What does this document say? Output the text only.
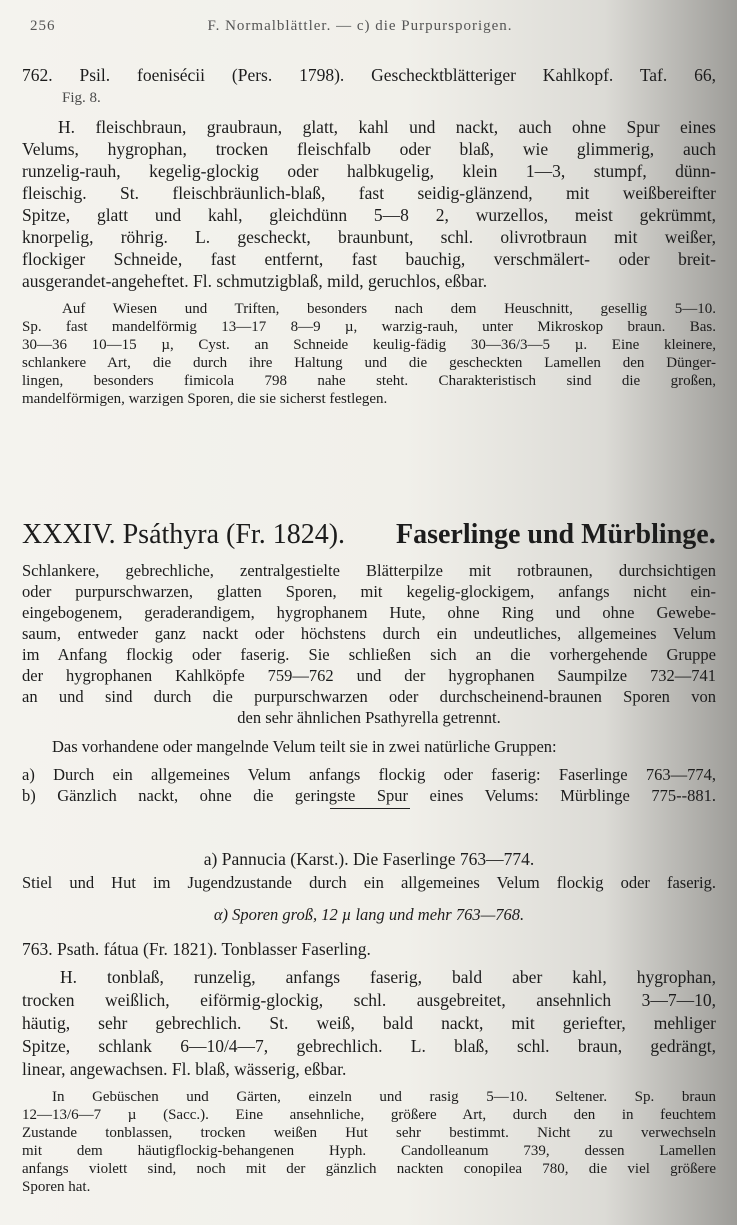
256	F. Normalblättler. — c) die Purpursporigen.
762. Psil. foenisécii (Pers. 1798). Geschecktblätteriger Kahlkopf. Taf. 66,
Fig. 8.
H. fleischbraun, graubraun, glatt, kahl und nackt, auch ohne Spur eines
Velums, hygrophan, trocken fleischfalb oder blaß, wie glimmerig, auch
runzelig-rauh, kegelig-glockig oder halbkugelig, klein 1—3, stumpf, dünn-
fleischig. St. fleischbräunlich-blaß, fast seidig-glänzend, mit weißbereifter
Spitze, glatt und kahl, gleichdünn 5—8 2, wurzellos, meist gekrümmt,
knorpelig, röhrig. L. gescheckt, braunbunt, schl. olivrotbraun mit weißer,
flockiger Schneide, fast entfernt, fast bauchig, verschmälert- oder breit-
ausgerandet-angeheftet. Fl. schmutzigblaß, mild, geruchlos, eßbar.
Auf Wiesen und Triften, besonders nach dem Heuschnitt, gesellig 5—10.
Sp. fast mandelförmig 13—17 8—9 µ, warzig-rauh, unter Mikroskop braun. Bas.
30—36 10—15 µ, Cyst. an Schneide keulig-fädig 30—36/3—5 µ. Eine kleinere,
schlankere Art, die durch ihre Haltung und die gescheckten Lamellen den Dünger-
lingen, besonders fimicola 798 nahe steht. Charakteristisch sind die großen,
mandelförmigen, warzigen Sporen, die sie sicherst festlegen.
XXXIV. Psáthyra (Fr. 1824). Faserlinge und Mürblinge.
Schlankere, gebrechliche, zentralgestielte Blätterpilze mit rotbraunen, durchsichtigen
oder purpurschwarzen, glatten Sporen, mit kegelig-glockigem, anfangs nicht ein-
eingebogenem, geraderandigem, hygrophanem Hute, ohne Ring und ohne Gewebe-
saum, entweder ganz nackt oder höchstens durch ein undeutliches, allgemeines Velum
im Anfang flockig oder faserig. Sie schließen sich an die vorhergehende Gruppe
der hygrophanen Kahlköpfe 759—762 und der hygrophanen Saumpilze 732—741
an und sind durch die purpurschwarzen oder durchscheinend-braunen Sporen von
den sehr ähnlichen Psathyrella getrennt.
Das vorhandene oder mangelnde Velum teilt sie in zwei natürliche Gruppen:
a) Durch ein allgemeines Velum anfangs flockig oder faserig: Faserlinge 763—774,
b) Gänzlich nackt, ohne die geringste Spur eines Velums: Mürblinge 775--881.
a) Pannucia (Karst.). Die Faserlinge 763—774.
Stiel und Hut im Jugendzustande durch ein allgemeines Velum flockig oder faserig.
α) Sporen groß, 12 µ lang und mehr 763—768.
763. Psath. fátua (Fr. 1821). Tonblasser Faserling.
H. tonblaß, runzelig, anfangs faserig, bald aber kahl, hygrophan,
trocken weißlich, eiförmig-glockig, schl. ausgebreitet, ansehnlich 3—7—10,
häutig, sehr gebrechlich. St. weiß, bald nackt, mit geriefter, mehliger
Spitze, schlank 6—10/4—7, gebrechlich. L. blaß, schl. braun, gedrängt,
linear, angewachsen. Fl. blaß, wässerig, eßbar.
In Gebüschen und Gärten, einzeln und rasig 5—10. Seltener. Sp. braun
12—13/6—7 µ (Sacc.). Eine ansehnliche, größere Art, durch den in feuchtem
Zustande tonblassen, trocken weißen Hut sehr bestimmt. Nicht zu verwechseln
mit dem häutigflockig-behangenen Hyph. Candolleanum 739, dessen Lamellen
anfangs violett sind, noch mit der gänzlich nackten conopilea 780, die viel größere
Sporen hat.
